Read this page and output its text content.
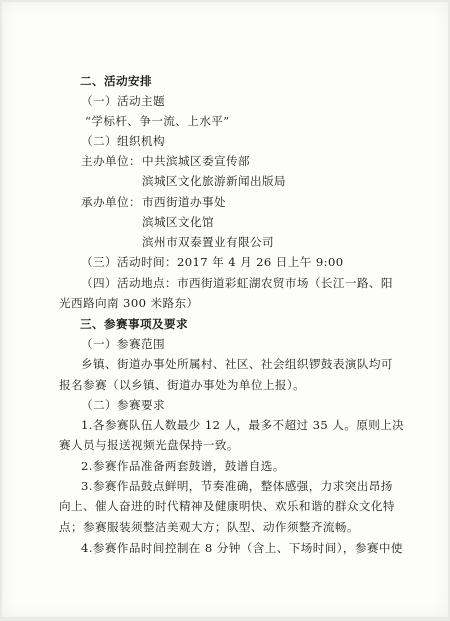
二、活动安排
（一）活动主题
“学标杆、争一流、上水平”
（二）组织机构
主办单位： 中共滨城区委宣传部
滨城区文化旅游新闻出版局
承办单位： 市西街道办事处
滨城区文化馆
滨州市双泰置业有限公司
（三）活动时间：2017 年 4 月 26 日上午 9:00
（四）活动地点：市西街道彩虹湖农贸市场（长江一路、阳
光西路向南 300 米路东）
三、参赛事项及要求
（一）参赛范围
乡镇、街道办事处所属村、社区、社会组织锣鼓表演队均可
报名参赛（以乡镇、街道办事处为单位上报）。
（二）参赛要求
1.各参赛队伍人数最少 12 人，最多不超过 35 人。原则上决
赛人员与报送视频光盘保持一致。
2.参赛作品准备两套鼓谱，鼓谱自选。
3.参赛作品鼓点鲜明，节奏准确，整体感强，力求突出昂扬
向上、催人奋进的时代精神及健康明快、欢乐和谐的群众文化特
点；参赛服装须整洁美观大方；队型、动作须整齐流畅。
4.参赛作品时间控制在 8 分钟（含上、下场时间），参赛中使
